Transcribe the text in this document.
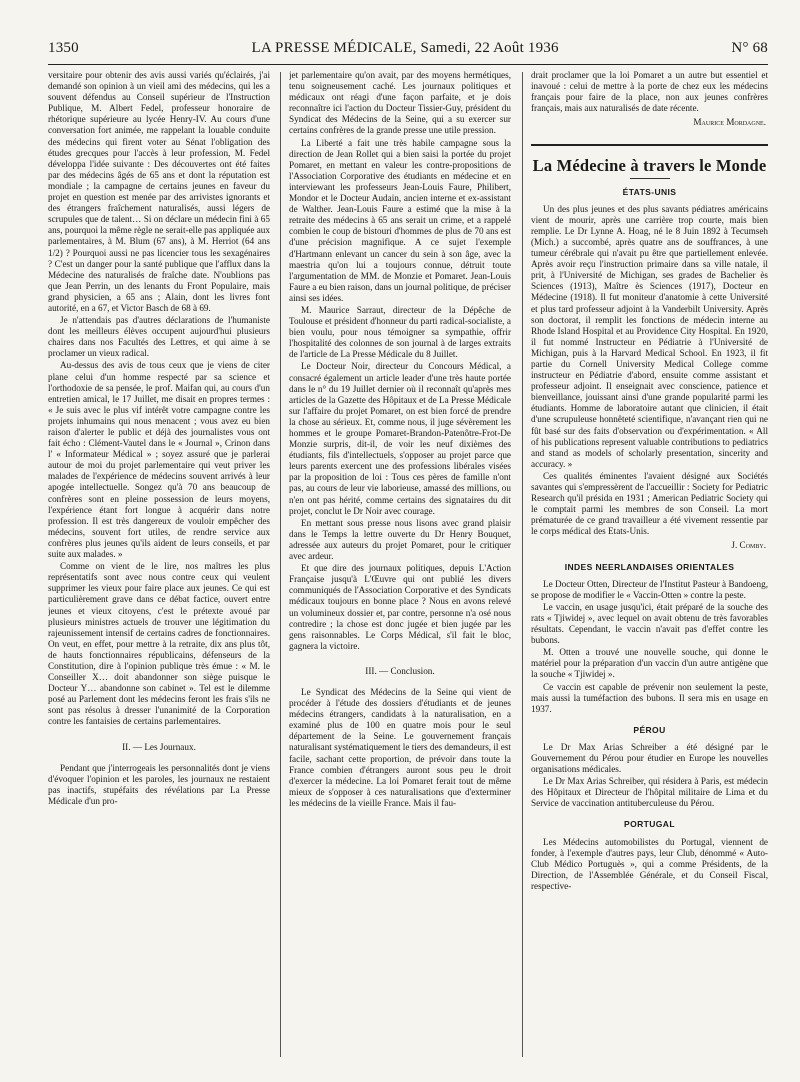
1350	LA PRESSE MÉDICALE, Samedi, 22 Août 1936	N° 68

versitaire pour obtenir des avis aussi variés qu'éclairés, j'ai demandé son opinion à un vieil ami des médecins, qui les a souvent défendus au Conseil supérieur de l'Instruction Publique, M. Albert Fedel, professeur honoraire de rhétorique supérieure au lycée Henry-IV. Au cours d'une conversation fort animée, me rappelant la louable conduite des médecins qui firent voter au Sénat l'obligation des études grecques pour l'accès à leur profession, M. Fedel développa l'idée suivante : Des découvertes ont été faites par des médecins âgés de 65 ans et dont la réputation est mondiale ; la campagne de certains jeunes en faveur du projet en question est menée par des arrivistes ignorants et des étrangers fraîchement naturalisés, aussi légers de scrupules que de talent… Si on déclare un médecin fini à 65 ans, pourquoi la même règle ne serait-elle pas appliquée aux parlementaires, à M. Blum (67 ans), à M. Herriot (64 ans 1/2) ? Pourquoi aussi ne pas licencier tous les sexagénaires ? C'est un danger pour la santé publique que l'afflux dans la Médecine des naturalisés de fraîche date. N'oublions pas que Jean Perrin, un des lenants du Front Populaire, mais grand physicien, a 65 ans ; Alain, dont les livres font autorité, en a 67, et Victor Basch de 68 à 69.

Je n'attendais pas d'autres déclarations de l'humaniste dont les meilleurs élèves occupent aujourd'hui plusieurs chaires dans nos Facultés des Lettres, et qui aime à se proclamer un vieux radical.

Au-dessus des avis de tous ceux que je viens de citer plane celui d'un homme respecté par sa science et l'orthodoxie de sa pensée, le prof. Maifan qui, au cours d'un entretien amical, le 17 Juillet, me disait en propres termes : « Je suis avec le plus vif intérêt votre campagne contre les projets inhumains qui nous menacent ; vous avez eu bien raison d'alerter le public et déjà des journalistes vous ont fait écho : Clément-Vautel dans le « Journal », Crinon dans l' « Informateur Médical » ; soyez assuré que je parlerai autour de moi du projet parlementaire qui veut priver les malades de l'expérience de médecins souvent arrivés à leur apogée intellectuelle. Songez qu'à 70 ans beaucoup de confrères sont en pleine possession de leurs moyens, l'expérience étant fort longue à acquérir dans notre profession. Il est très dangereux de vouloir empêcher des médecins, souvent fort utiles, de rendre service aux confrères plus jeunes qu'ils aident de leurs conseils, et par suite aux malades. »

Comme on vient de le lire, nos maîtres les plus représentatifs sont avec nous contre ceux qui veulent supprimer les vieux pour faire place aux jeunes. Ce qui est particulièrement grave dans ce débat factice, ouvert entre jeunes et vieux citoyens, c'est le prétexte avoué par plusieurs ministres actuels de trouver une légitimation du rajeunissement intensif de certains cadres de fonctionnaires. On veut, en effet, pour mettre à la retraite, dix ans plus tôt, de hauts fonctionnaires républicains, défenseurs de la Constitution, dire à l'opinion publique très émue : « M. le Conseiller X… doit abandonner son siège puisque le Docteur Y… abandonne son cabinet ». Tel est le dilemme posé au Parlement dont les médecins feront les frais s'ils ne sont pas résolus à dresser l'unanimité de la Corporation contre les fantaisies de certains parlementaires.

II. — Les Journaux.

Pendant que j'interrogeais les personnalités dont je viens d'évoquer l'opinion et les paroles, les journaux ne restaient pas inactifs, stupéfaits des révélations par La Presse Médicale d'un pro-

jet parlementaire qu'on avait, par des moyens hermétiques, tenu soigneusement caché. Les journaux politiques et médicaux ont réagi d'une façon parfaite, et je dois reconnaître ici l'action du Docteur Tissier-Guy, président du Syndicat des Médecins de la Seine, qui a su exercer sur certains confrères de la grande presse une utile pression.

La Liberté a fait une très habile campagne sous la direction de Jean Rollet qui a bien saisi la portée du projet Pomaret, en mettant en valeur les contre-propositions de l'Association Corporative des étudiants en médecine et en interviewant les professeurs Jean-Louis Faure, Philibert, Mondor et le Docteur Audain, ancien interne et ex-assistant de Walther. Jean-Louis Faure a estimé que la mise à la retraite des médecins à 65 ans serait un crime, et a rappelé combien le coup de bistouri d'hommes de plus de 70 ans est d'une précision magnifique. A ce sujet l'exemple d'Hartmann enlevant un cancer du sein à son âge, avec la maestria qu'on lui a toujours connue, détruit toute l'argumentation de MM. de Monzie et Pomaret. Jean-Louis Faure a eu bien raison, dans un journal politique, de préciser ainsi ses idées.

M. Maurice Sarraut, directeur de la Dépêche de Toulouse et président d'honneur du parti radical-socialiste, a bien voulu, pour nous témoigner sa sympathie, offrir l'hospitalité des colonnes de son journal à de larges extraits de l'article de La Presse Médicale du 8 Juillet.

Le Docteur Noir, directeur du Concours Médical, a consacré également un article leader d'une très haute portée dans le n° du 19 Juillet dernier où il reconnaît qu'après mes articles de la Gazette des Hôpitaux et de La Presse Médicale sur l'affaire du projet Pomaret, on est bien forcé de prendre la chose au sérieux. Et, comme nous, il juge sévèrement les hommes et le groupe Pomaret-Brandon-Patenôtre-Frot-De Monzie surpris, dit-il, de voir les neuf dixièmes des étudiants, fils d'intellectuels, s'opposer au projet parce que leurs parents exercent une des professions libérales visées par la proposition de loi : Tous ces pères de famille n'ont pas, au cours de leur vie laborieuse, amassé des millions, ou n'en ont pas hérité, comme certains des signataires du dit projet, conclut le Dr Noir avec courage.

En mettant sous presse nous lisons avec grand plaisir dans le Temps la lettre ouverte du Dr Henry Bouquet, adressée aux auteurs du projet Pomaret, pour le critiquer avec ardeur.

Et que dire des journaux politiques, depuis L'Action Française jusqu'à L'Œuvre qui ont publié les divers communiqués de l'Association Corporative et des Syndicats médicaux toujours en bonne place ? Nous en avons relevé un volumineux dossier et, par contre, personne n'a osé nous contredire ; la chose est donc jugée et bien jugée par les gens raisonnables. Le Corps Médical, s'il fait le bloc, gagnera la victoire.

III. — Conclusion.

Le Syndicat des Médecins de la Seine qui vient de procéder à l'étude des dossiers d'étudiants et de jeunes médecins étrangers, candidats à la naturalisation, en a examiné plus de 100 en quatre mois pour le seul département de la Seine. Le gouvernement français naturalisant systématiquement le tiers des demandeurs, il est facile, sachant cette proportion, de prévoir dans toute la France combien d'étrangers auront sous peu le droit d'exercer la médecine. La loi Pomaret ferait tout de même mieux de s'opposer à ces naturalisations que d'exterminer les médecins de la vieille France. Mais il fau-

drait proclamer que la loi Pomaret a un autre but essentiel et inavoué : celui de mettre à la porte de chez eux les médecins français pour faire de la place, non aux jeunes confrères français, mais aux naturalisés de date récente.

Maurice Mordagne.

La Médecine à travers le Monde
ÉTATS-UNIS

Un des plus jeunes et des plus savants pédiatres américains vient de mourir, après une carrière trop courte, mais bien remplie. Le Dr Lynne A. Hoag, né le 8 Juin 1892 à Tecumseh (Mich.) a succombé, après quatre ans de souffrances, à une tumeur cérébrale qui n'avait pu être que partiellement enlevée. Après avoir reçu l'instruction primaire dans sa ville natale, il prit, à l'Université de Michigan, ses grades de Bachelier ès Sciences (1913), Maître ès Sciences (1917), Docteur en Médecine (1918). Il fut moniteur d'anatomie à cette Université et plus tard professeur adjoint à la Vanderbilt University. Après son doctorat, il remplit les fonctions de médecin interne au Rhode Island Hospital et au Providence City Hospital. En 1920, il fut nommé Instructeur en Pédiatrie à l'Université de Michigan, puis à la Harvard Medical School. En 1923, il fit partie du Cornell University Medical College comme instructeur en Pédiatrie d'abord, ensuite comme assistant et professeur adjoint. Il enseignait avec conscience, patience et bienveillance, jouissant ainsi d'une grande popularité parmi les étudiants. Homme de laboratoire autant que clinicien, il était d'une scrupuleuse honnêteté scientifique, n'avançant rien qui ne fût basé sur des faits d'observation ou d'expérimentation. « All of his publications represent valuable contributions to pediatrics and stand as models of scholarly presentation, sincerity and accuracy. »

Ces qualités éminentes l'avaient désigné aux Sociétés savantes qui s'empressèrent de l'accueillir : Society for Pediatric Research qu'il présida en 1931 ; American Pediatric Society qui le comptait parmi les membres de son Conseil. La mort prématurée de ce grand travailleur a été vivement ressentie par le corps médical des Etats-Unis.

J. Comby.

INDES NEERLANDAISES ORIENTALES

Le Docteur Otten, Directeur de l'Institut Pasteur à Bandoeng, se propose de modifier le « Vaccin-Otten » contre la peste.

Le vaccin, en usage jusqu'ici, était préparé de la souche des rats « Tjiwidej », avec lequel on avait obtenu de très favorables résultats. Cependant, le vaccin n'avait pas d'effet contre les bubons.

M. Otten a trouvé une nouvelle souche, qui donne le matériel pour la préparation d'un vaccin d'un autre antigène que la souche « Tjiwidej ».

Ce vaccin est capable de prévenir non seulement la peste, mais aussi la tuméfaction des bubons. Il sera mis en usage en 1937.

PÉROU

Le Dr Max Arias Schreiber a été désigné par le Gouvernement du Pérou pour étudier en Europe les nouvelles organisations médicales.

Le Dr Max Arias Schreiber, qui résidera à Paris, est médecin des Hôpitaux et Directeur de l'hôpital militaire de Lima et du Service de vaccination antituberculeuse du Pérou.

PORTUGAL

Les Médecins automobilistes du Portugal, viennent de fonder, à l'exemple d'autres pays, leur Club, dénommé « Auto-Club Médico Portuguès », qui a comme Présidents, de la Direction, de l'Assemblée Générale, et du Conseil Fiscal, respective-
